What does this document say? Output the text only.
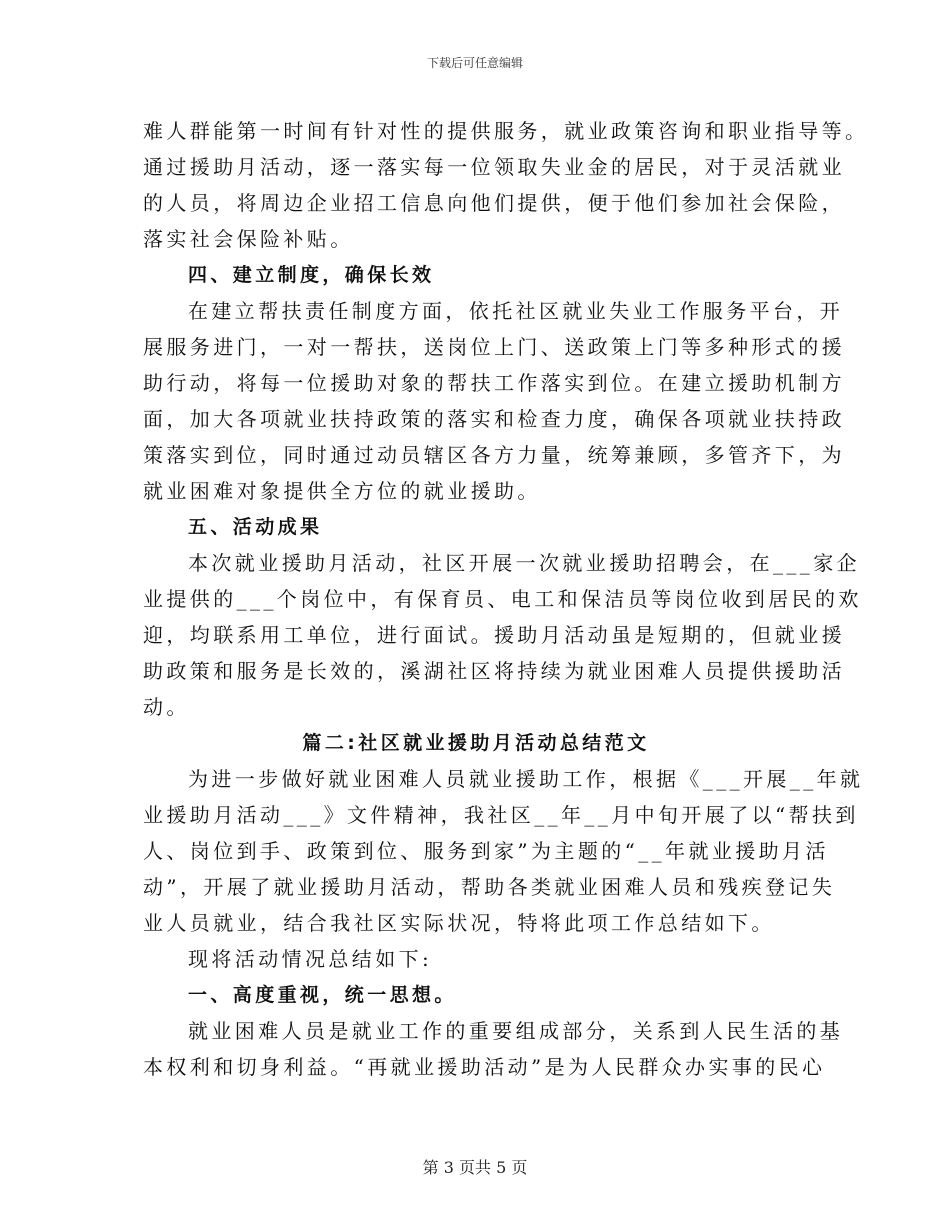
下载后可任意编辑
难人群能第一时间有针对性的提供服务，就业政策咨询和职业指导等。
通过援助月活动，逐一落实每一位领取失业金的居民，对于灵活就业
的人员，将周边企业招工信息向他们提供，便于他们参加社会保险，
落实社会保险补贴。
四、建立制度，确保长效
在建立帮扶责任制度方面，依托社区就业失业工作服务平台，开
展服务进门，一对一帮扶，送岗位上门、送政策上门等多种形式的援
助行动，将每一位援助对象的帮扶工作落实到位。在建立援助机制方
面，加大各项就业扶持政策的落实和检查力度，确保各项就业扶持政
策落实到位，同时通过动员辖区各方力量，统筹兼顾，多管齐下，为
就业困难对象提供全方位的就业援助。
五、活动成果
本次就业援助月活动，社区开展一次就业援助招聘会，在___家企
业提供的___个岗位中，有保育员、电工和保洁员等岗位收到居民的欢
迎，均联系用工单位，进行面试。援助月活动虽是短期的，但就业援
助政策和服务是长效的，溪湖社区将持续为就业困难人员提供援助活
动。
篇二:社区就业援助月活动总结范文
为进一步做好就业困难人员就业援助工作，根据《___开展__年就
业援助月活动___》文件精神，我社区__年__月中旬开展了以“帮扶到
人、岗位到手、政策到位、服务到家”为主题的“__年就业援助月活
动”，开展了就业援助月活动，帮助各类就业困难人员和残疾登记失
业人员就业，结合我社区实际状况，特将此项工作总结如下。
现将活动情况总结如下:
一、高度重视，统一思想。
就业困难人员是就业工作的重要组成部分，关系到人民生活的基
本权利和切身利益。“再就业援助活动”是为人民群众办实事的民心
第 3 页共 5 页
